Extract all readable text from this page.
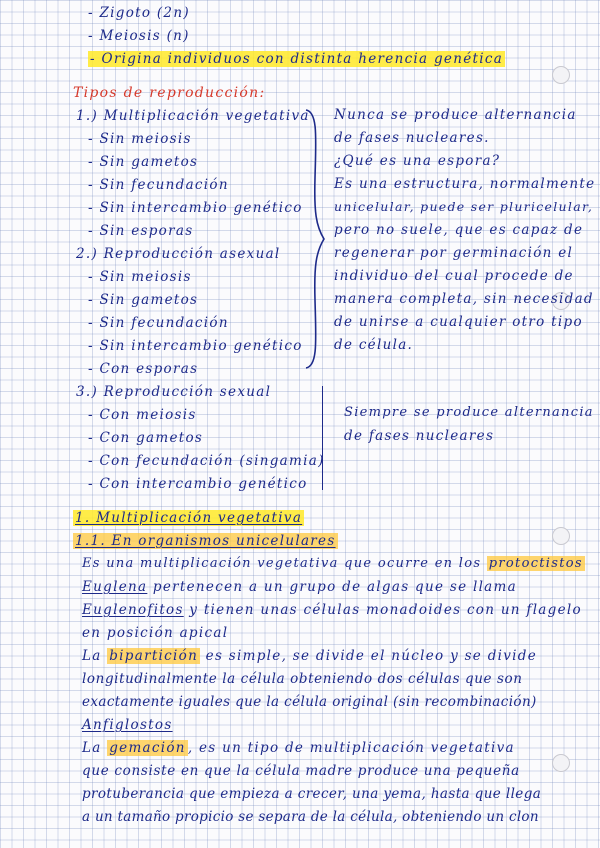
- Zigoto (2n)
- Meiosis (n)
- Origina individuos con distinta herencia genética
Tipos de reproducción:
1.) Multiplicación vegetativa
- Sin meiosis
- Sin gametos
- Sin fecundación
- Sin intercambio genético
- Sin esporas
2.) Reproducción asexual
- Sin meiosis
- Sin gametos
- Sin fecundación
- Sin intercambio genético
- Con esporas
3.) Reproducción sexual
- Con meiosis
- Con gametos
- Con fecundación (singamia)
- Con intercambio genético
Nunca se produce alternancia
de fases nucleares.
¿Qué es una espora?
Es una estructura, normalmente
unicelular, puede ser pluricelular,
pero no suele, que es capaz de
regenerar por germinación el
individuo del cual procede de
manera completa, sin necesidad
de unirse a cualquier otro tipo
de célula.
Siempre se produce alternancia
de fases nucleares
1. Multiplicación vegetativa
1.1. En organismos unicelulares
Es una multiplicación vegetativa que ocurre en los protoctistos
Euglena pertenecen a un grupo de algas que se llama
Euglenofitos y tienen unas células monadoides con un flagelo
en posición apical
La bipartición es simple, se divide el núcleo y se divide
longitudinalmente la célula obteniendo dos células que son
exactamente iguales que la célula original (sin recombinación)
Anfiglostos
La gemación , es un tipo de multiplicación vegetativa
que consiste en que la célula madre produce una pequeña
protuberancia que empieza a crecer, una yema, hasta que llega
a un tamaño propicio se separa de la célula, obteniendo un clon
